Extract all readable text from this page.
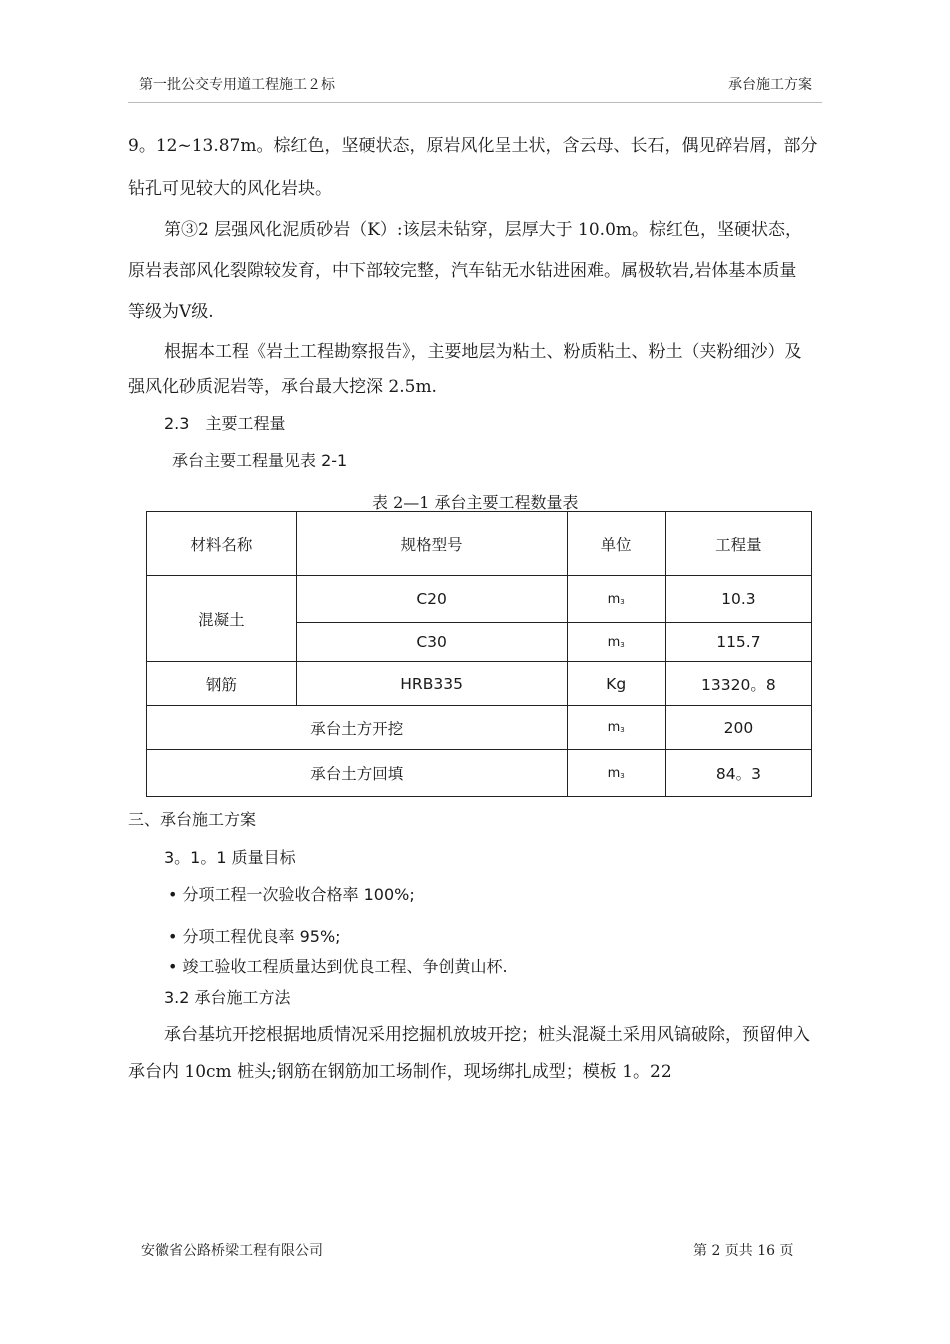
第一批公交专用道工程施工２标	承台施工方案
9。12~13.87m。棕红色，坚硬状态，原岩风化呈土状，含云母、长石，偶见碎岩屑，部分
钻孔可见较大的风化岩块。
第③2 层强风化泥质砂岩（K）:该层未钻穿，层厚大于 10.0m。棕红色，坚硬状态，
原岩表部风化裂隙较发育，中下部较完整，汽车钻无水钻进困难。属极软岩,岩体基本质量
等级为Ⅴ级.
根据本工程《岩土工程勘察报告》，主要地层为粘土、粉质粘土、粉土（夹粉细沙）及
强风化砂质泥岩等，承台最大挖深 2.5m.
2.3　主要工程量
承台主要工程量见表 2-1
表 2—1 承台主要工程数量表
材料名称	规格型号	单位	工程量
混凝土	C20	$m_3$	10.3
	C30	$m_3$	115.7
钢筋	HRB335	Kg	13320。8
承台土方开挖		$m_3$	200
承台土方回填		$m_3$	84。3
三、承台施工方案
3。1。1 质量目标
• 分项工程一次验收合格率 100%;
• 分项工程优良率 95%;
• 竣工验收工程质量达到优良工程、争创黄山杯.
3.2 承台施工方法
承台基坑开挖根据地质情况采用挖掘机放坡开挖；桩头混凝土采用风镐破除，预留伸入
承台内 10cm 桩头;钢筋在钢筋加工场制作，现场绑扎成型；模板 1。22
安徽省公路桥梁工程有限公司	第 2 页共 16 页
